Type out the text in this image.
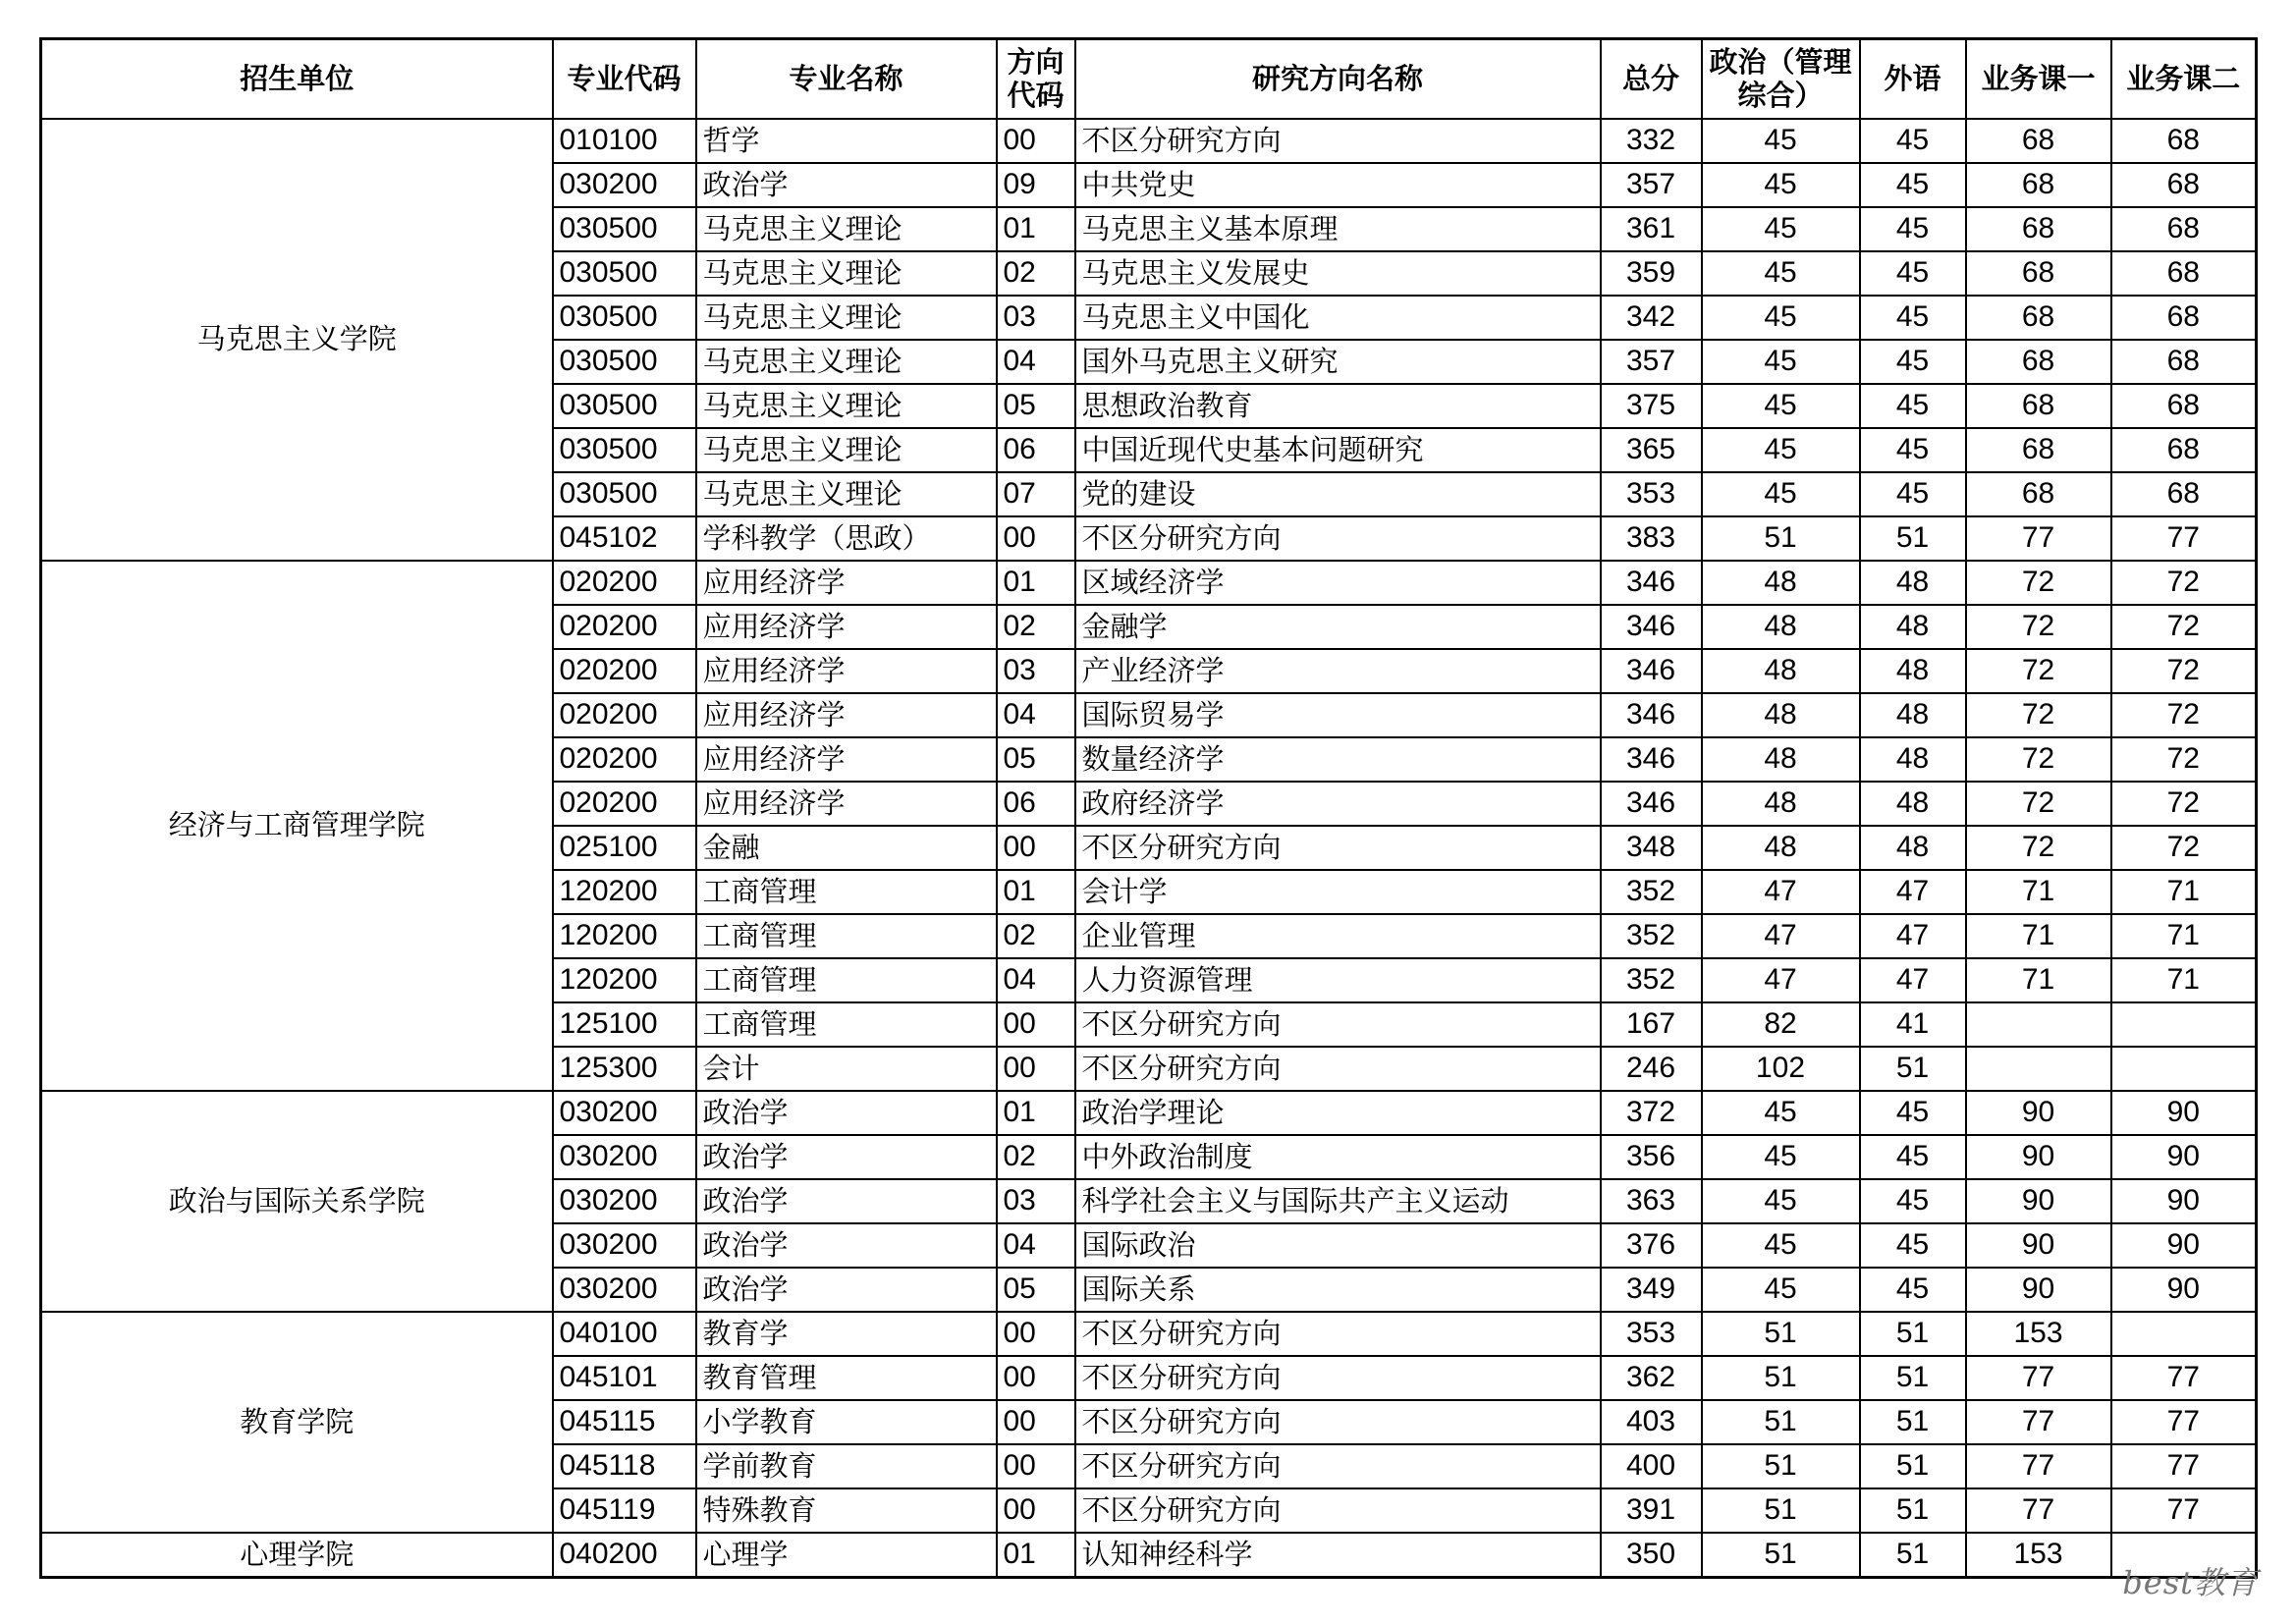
招生单位	专业代码	专业名称	方向代码	研究方向名称	总分	政治（管理综合）	外语	业务课一	业务课二
马克思主义学院	010100	哲学	00	不区分研究方向	332	45	45	68	68
	030200	政治学	09	中共党史	357	45	45	68	68
	030500	马克思主义理论	01	马克思主义基本原理	361	45	45	68	68
	030500	马克思主义理论	02	马克思主义发展史	359	45	45	68	68
	030500	马克思主义理论	03	马克思主义中国化	342	45	45	68	68
	030500	马克思主义理论	04	国外马克思主义研究	357	45	45	68	68
	030500	马克思主义理论	05	思想政治教育	375	45	45	68	68
	030500	马克思主义理论	06	中国近现代史基本问题研究	365	45	45	68	68
	030500	马克思主义理论	07	党的建设	353	45	45	68	68
	045102	学科教学（思政）	00	不区分研究方向	383	51	51	77	77
经济与工商管理学院	020200	应用经济学	01	区域经济学	346	48	48	72	72
	020200	应用经济学	02	金融学	346	48	48	72	72
	020200	应用经济学	03	产业经济学	346	48	48	72	72
	020200	应用经济学	04	国际贸易学	346	48	48	72	72
	020200	应用经济学	05	数量经济学	346	48	48	72	72
	020200	应用经济学	06	政府经济学	346	48	48	72	72
	025100	金融	00	不区分研究方向	348	48	48	72	72
	120200	工商管理	01	会计学	352	47	47	71	71
	120200	工商管理	02	企业管理	352	47	47	71	71
	120200	工商管理	04	人力资源管理	352	47	47	71	71
	125100	工商管理	00	不区分研究方向	167	82	41		
	125300	会计	00	不区分研究方向	246	102	51		
政治与国际关系学院	030200	政治学	01	政治学理论	372	45	45	90	90
	030200	政治学	02	中外政治制度	356	45	45	90	90
	030200	政治学	03	科学社会主义与国际共产主义运动	363	45	45	90	90
	030200	政治学	04	国际政治	376	45	45	90	90
	030200	政治学	05	国际关系	349	45	45	90	90
教育学院	040100	教育学	00	不区分研究方向	353	51	51	153	
	045101	教育管理	00	不区分研究方向	362	51	51	77	77
	045115	小学教育	00	不区分研究方向	403	51	51	77	77
	045118	学前教育	00	不区分研究方向	400	51	51	77	77
	045119	特殊教育	00	不区分研究方向	391	51	51	77	77
心理学院	040200	心理学	01	认知神经科学	350	51	51	153	
best教育
